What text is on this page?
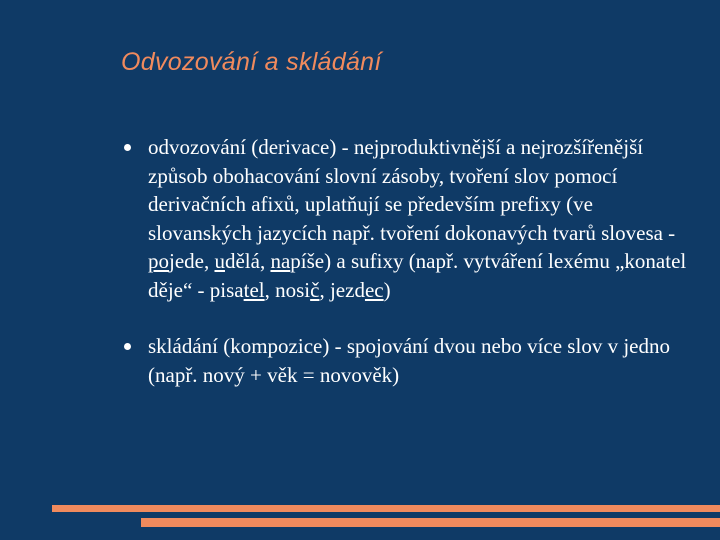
Odvozování a skládání
odvozování (derivace) - nejproduktivnější a nejrozšířenější způsob obohacování slovní zásoby, tvoření slov pomocí derivačních afixů, uplatňují se především prefixy (ve slovanských jazycích např. tvoření dokonavých tvarů slovesa - pojede, udělá, napíše) a sufixy (např. vytváření lexému „konatel děje“ - pisatel, nosič, jezdec)
skládání (kompozice) - spojování dvou nebo více slov v jedno (např. nový + věk = novověk)
